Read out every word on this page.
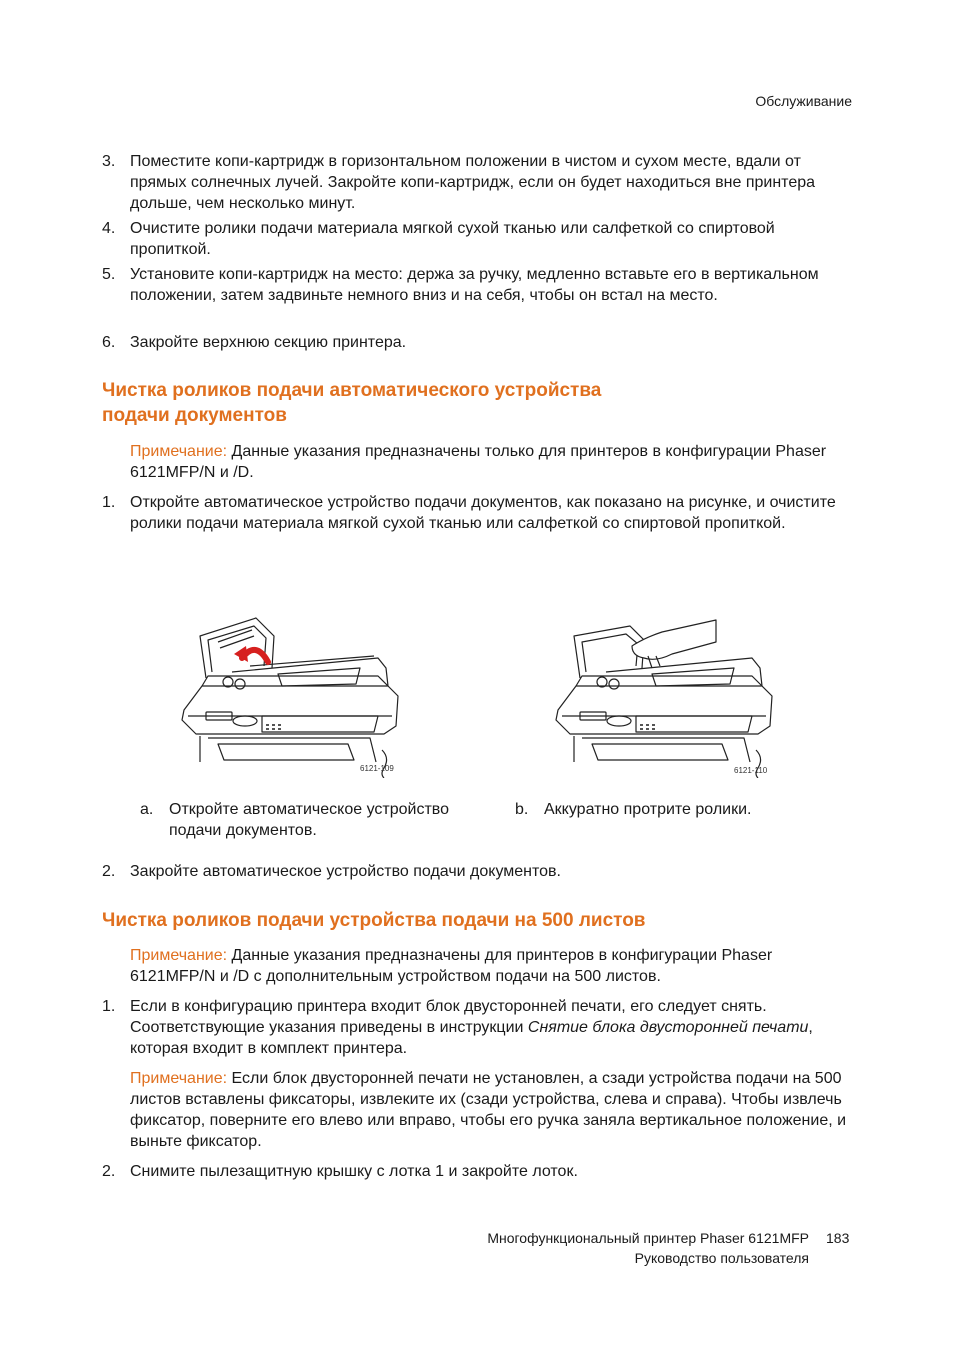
Обслуживание
3. Поместите копи-картридж в горизонтальном положении в чистом и сухом месте, вдали от прямых солнечных лучей. Закройте копи-картридж, если он будет находиться вне принтера дольше, чем несколько минут.
4. Очистите ролики подачи материала мягкой сухой тканью или салфеткой со спиртовой пропиткой.
5. Установите копи-картридж на место: держа за ручку, медленно вставьте его в вертикальном положении, затем задвиньте немного вниз и на себя, чтобы он встал на место.
6. Закройте верхнюю секцию принтера.
Чистка роликов подачи автоматического устройства
подачи документов
Примечание: Данные указания предназначены только для принтеров в конфигурации Phaser 6121MFP/N и /D.
1. Откройте автоматическое устройство подачи документов, как показано на рисунке, и очистите ролики подачи материала мягкой сухой тканью или салфеткой со спиртовой пропиткой.
6121-109	6121-110
a. Откройте автоматическое устройство подачи документов.
b. Аккуратно протрите ролики.
2. Закройте автоматическое устройство подачи документов.
Чистка роликов подачи устройства подачи на 500 листов
Примечание: Данные указания предназначены для принтеров в конфигурации Phaser 6121MFP/N и /D с дополнительным устройством подачи на 500 листов.
1. Если в конфигурацию принтера входит блок двусторонней печати, его следует снять. Соответствующие указания приведены в инструкции Снятие блока двусторонней печати, которая входит в комплект принтера.
Примечание: Если блок двусторонней печати не установлен, а сзади устройства подачи на 500 листов вставлены фиксаторы, извлеките их (сзади устройства, слева и справа). Чтобы извлечь фиксатор, поверните его влево или вправо, чтобы его ручка заняла вертикальное положение, и выньте фиксатор.
2. Снимите пылезащитную крышку с лотка 1 и закройте лоток.
Многофункциональный принтер Phaser 6121MFP
Руководство пользователя
183
